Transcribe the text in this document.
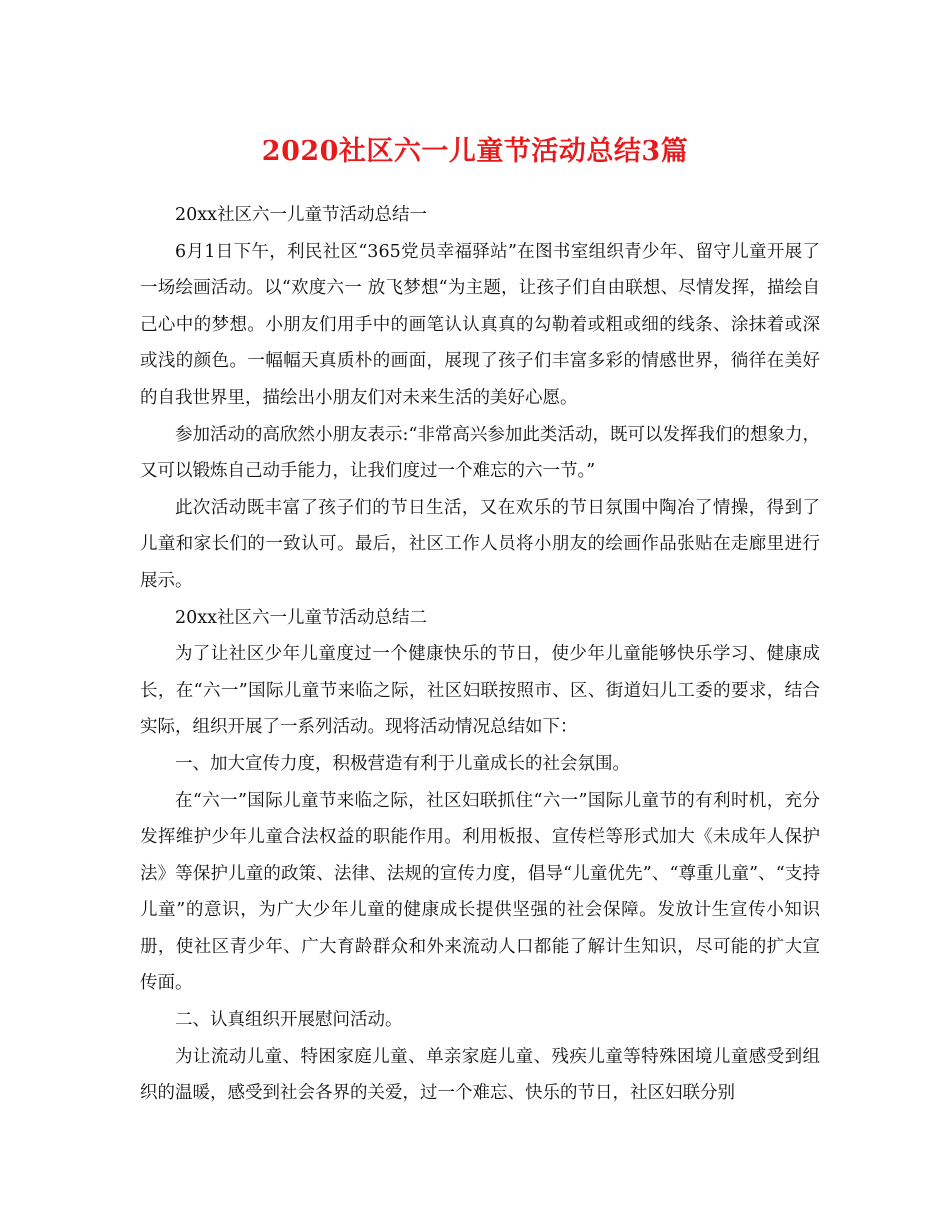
2020社区六一儿童节活动总结3篇

20xx社区六一儿童节活动总结一

6月1日下午，利民社区“365党员幸福驿站”在图书室组织青少年、留守儿童开展了一场绘画活动。以“欢度六一 放飞梦想“为主题，让孩子们自由联想、尽情发挥，描绘自己心中的梦想。小朋友们用手中的画笔认认真真的勾勒着或粗或细的线条、涂抹着或深或浅的颜色。一幅幅天真质朴的画面，展现了孩子们丰富多彩的情感世界，徜徉在美好的自我世界里，描绘出小朋友们对未来生活的美好心愿。

参加活动的高欣然小朋友表示:“非常高兴参加此类活动，既可以发挥我们的想象力，又可以锻炼自己动手能力，让我们度过一个难忘的六一节。”

此次活动既丰富了孩子们的节日生活，又在欢乐的节日氛围中陶冶了情操，得到了儿童和家长们的一致认可。最后，社区工作人员将小朋友的绘画作品张贴在走廊里进行展示。

20xx社区六一儿童节活动总结二

为了让社区少年儿童度过一个健康快乐的节日，使少年儿童能够快乐学习、健康成长，在“六一”国际儿童节来临之际，社区妇联按照市、区、街道妇儿工委的要求，结合实际，组织开展了一系列活动。现将活动情况总结如下：

一、加大宣传力度，积极营造有利于儿童成长的社会氛围。

在“六一”国际儿童节来临之际，社区妇联抓住“六一”国际儿童节的有利时机，充分发挥维护少年儿童合法权益的职能作用。利用板报、宣传栏等形式加大《未成年人保护法》等保护儿童的政策、法律、法规的宣传力度，倡导“儿童优先”、“尊重儿童”、“支持儿童”的意识，为广大少年儿童的健康成长提供坚强的社会保障。发放计生宣传小知识册，使社区青少年、广大育龄群众和外来流动人口都能了解计生知识，尽可能的扩大宣传面。

二、认真组织开展慰问活动。

为让流动儿童、特困家庭儿童、单亲家庭儿童、残疾儿童等特殊困境儿童感受到组织的温暖，感受到社会各界的关爱，过一个难忘、快乐的节日，社区妇联分别
